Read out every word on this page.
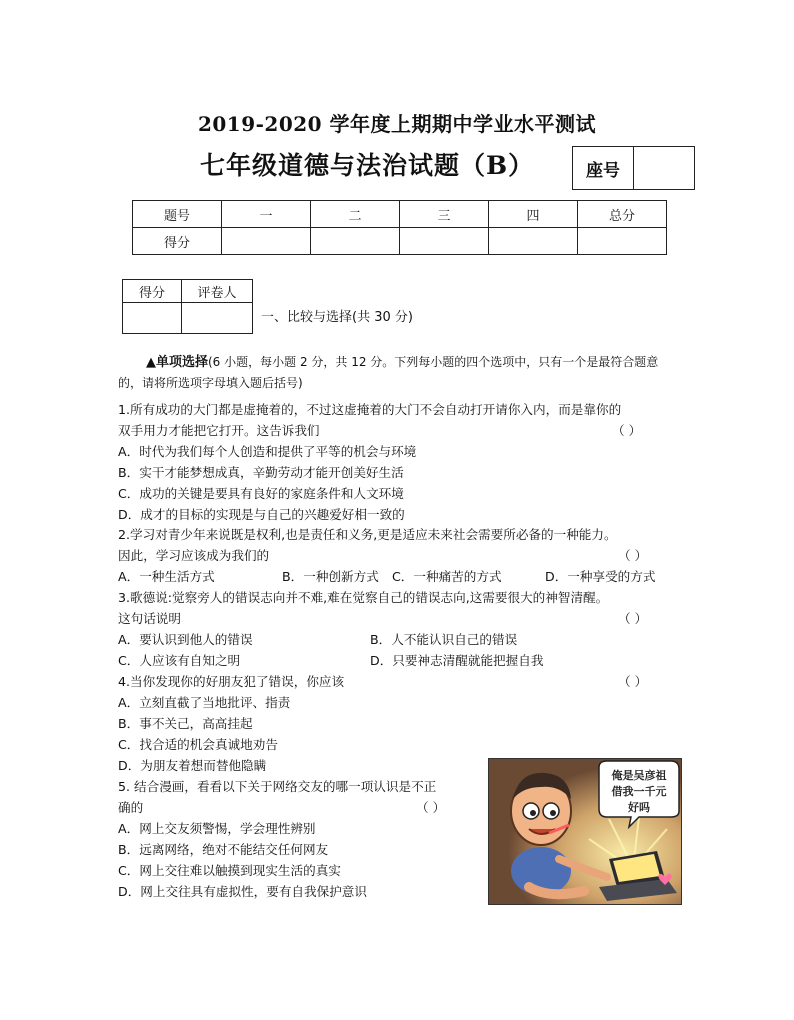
2019-2020 学年度上期期中学业水平测试
七年级道德与法治试题（B）	座号	
题号	一	二	三	四	总分
得分					
得分	评卷人

一、比较与选择(共 30 分)
▲单项选择(6 小题，每小题 2 分，共 12 分。下列每小题的四个选项中，只有一个是最符合题意的，请将所选项字母填入题后括号)
1.所有成功的大门都是虚掩着的，不过这虚掩着的大门不会自动打开请你入内，而是靠你的
双手用力才能把它打开。这告诉我们	（ ）
A．时代为我们每个人创造和提供了平等的机会与环境
B．实干才能梦想成真，辛勤劳动才能开创美好生活
C．成功的关键是要具有良好的家庭条件和人文环境
D．成才的目标的实现是与自己的兴趣爱好相一致的
2.学习对青少年来说既是权利,也是责任和义务,更是适应未来社会需要所必备的一种能力。
因此，学习应该成为我们的	（ ）
A．一种生活方式	B．一种创新方式 C．一种痛苦的方式	D．一种享受的方式
3.歌德说:觉察旁人的错误志向并不难,难在觉察自己的错误志向,这需要很大的神智清醒。
这句话说明	（ ）
A．要认识到他人的错误	B．人不能认识自己的错误
C．人应该有自知之明	D．只要神志清醒就能把握自我
4.当你发现你的好朋友犯了错误，你应该	（ ）
A．立刻直截了当地批评、指责
B．事不关己，高高挂起
C．找合适的机会真诚地劝告
D．为朋友着想而替他隐瞒
5. 结合漫画，看看以下关于网络交友的哪一项认识是不正
确的	（ ）
A．网上交友须警惕，学会理性辨别
B．远离网络，绝对不能结交任何网友
C．网上交往难以触摸到现实生活的真实
D．网上交往具有虚拟性，要有自我保护意识
俺是吴彦祖
借我一千元
好吗
